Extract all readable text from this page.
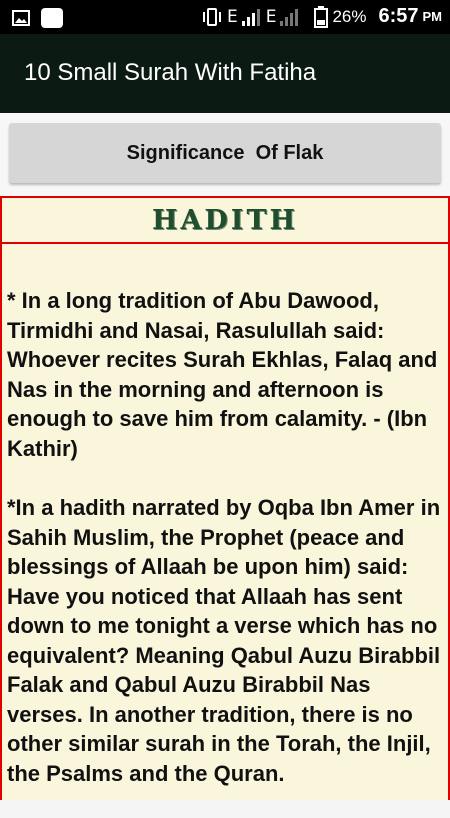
E E	26% 6:57 PM
10 Small Surah With Fatiha
Significance  Of Flak
HADITH

* In a long tradition of Abu Dawood, Tirmidhi and Nasai, Rasulullah said: Whoever recites Surah Ekhlas, Falaq and Nas in the morning and afternoon is enough to save him from calamity. - (Ibn Kathir)

*In a hadith narrated by Oqba Ibn Amer in Sahih Muslim, the Prophet (peace and blessings of Allaah be upon him) said: Have you noticed that Allaah has sent down to me tonight a verse which has no equivalent? Meaning Qabul Auzu Birabbil Falak and Qabul Auzu Birabbil Nas verses. In another tradition, there is no other similar surah in the Torah, the Injil, the Psalms and the Quran.
